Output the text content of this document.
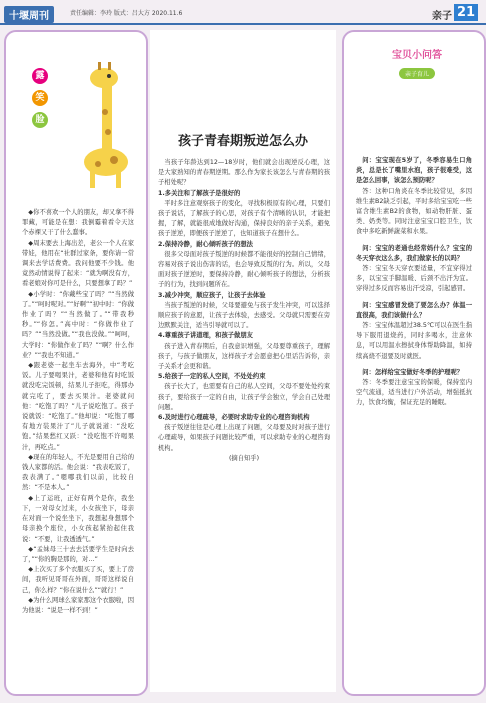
十堰周刊	责任编辑：李玲 版式：吕大方 2020.11.6	亲子 21
露
笑
脸

◆你不喜欢一个人的朋友，却又拿不得罪藏，可能是在想：我倒霉着看令天这个赤裸又干了什么蠢事。

◆周末要去上海出差，老公一个人在家带娃，他用在“社群过家条，要你请一常调来去学话费费。我问他要不少钱。他竟然动情说得了起来：“就为啊没有方，看老娘对你可是什么，只要想拿了吗？”

◆小学时：“你戴些宝了吗？”“当然做了。”“呵时呢对。”“好啊”“初中时：“你做作业了吗？”“当然做了。”“带我秒秒。”“你怎。”高中时：“你做作业了吗？”“当然没做。”“我也没做。”“呵呵，大学时：“你做作业了吗？”“啊？什么作业？”“我也不知道。”

◆跟老婆一起坐车去海外，中“考吃饭。儿子要喝果汁，老婆和他有时吃饭就没吃完饭顿，结果儿子拒吃，得那办就完吃了，要去买果汁。老婆就问他：“吃饱了吗？”儿子说吃饱了。孩子说就饭：“吃饱了。”他却说：“吃饱了哪有地方装果汁了”儿子就说道：“没吃饱。”结果愁红又跃：“没吃饱不许喝果汁，再吃点。”

◆现在的年轻人，不光是要用自己给的钱人家都的活。他会说：“我表吃饭了，我表满了。”嗯哪我们以前，比较自然：“不是本人。”

◆上了运班，正好有两个是你，我坐下，一对母女过来，小女孩坐下，母亲在对面一个说坐坐下，我想起身想那个母亲换个座位，小女孩起紧抬起住我说：“不要，让我透透气。”

◆“孟妹母三十去去活要学生是时向去了，”“你的胸是那的，对…”

◆上次买了多个衣服买了买，要上了房间，我听见哥哥在外面，哥哥这样说自己，你么样？“你在说什么”“就行！”

◆为什么网球么家家那这个衣服啦，因为他说：“说是一样不到！”

孩子青春期叛逆怎么办

当孩子年龄达到12—18岁时，他们就会出现逆反心理，这是大家熟知的青春期逆期。那么作为家长该怎么与青春期的孩子相处呢？

1.多关注和了解孩子是很好的

平时多注意观察孩子的变化，寻找积极原有的心理，只要们孩子说话，了解孩子的心思，对孩子有个清晰的认识，才能把握，了解，就能很成地做好沟通，保持良好的亲子关系，避免孩子逆逆，即便孩子逆逆了，也知道孩子在想什么。

2.保持冷静，耐心倾听孩子的想法

很多父母面对孩子叛逆的时候都不能很好的控制自己情绪，容易对孩子说出伤害的话，也会导致反叛的行为。所以，父母面对孩子逆逆时，要保持冷静，耐心倾听孩子的想法，分析孩子的行为，找到问题所在。

3.减少冲突，顺应孩子，让孩子去体验

当孩子叛逆的时候，父母要避免与孩子发生冲突，可以选择顺应孩子的意愿，让孩子去体验，去感受。父母就只需要在旁边默默关注，适当引导就可以了。

4.尊重孩子讲道理，和孩子做朋友

孩子进入青春期后，自我意识增强，父母要尊重孩子，理解孩子，与孩子做朋友，这样孩子才会愿意把心里话告诉你，亲子关系才会更和谐。

5.给孩子一定的私人空间，不处处约束

孩子长大了，也需要有自己的私人空间，父母不要处处约束孩子，要给孩子一定的自由，让孩子学会独立，学会自己处理问题。

6.及时进行心理疏导，必要时求助专业的心理咨询机构

孩子叛逆往往是心理上出现了问题，父母要及时对孩子进行心理疏导，如果孩子问题比较严重，可以求助专业的心理咨询机构。

(摘自知乎)

宝贝小问答
亲子育儿

问：宝宝现在5岁了，冬季容易生口角炎，总是长了嘴里水泡，孩子很难受，这是怎么回事，该怎么预防呢？

答：这种口角炎在冬季比较常见，多因维生素B2缺乏引起，平时多给宝宝吃一些富含维生素B2的食物，如动物肝脏、蛋类、奶类等。同时注意宝宝口腔卫生，饮食中多吃新鲜蔬菜和水果。

问：宝宝的老通也经常妈什么？宝宝的冬天穿衣这么多，我们做家长的以吗？

答：宝宝冬天穿衣要适量，不宜穿得过多，以宝宝手脚温暖、后颈不出汗为宜。穿得过多反而容易出汗受凉，引起感冒。

问：宝宝感冒发烧了要怎么办？体温一直很高，我们该做什么？

答：宝宝体温超过38.5℃可以在医生指导下服用退烧药，同时多喝水，注意休息，可以用温水擦拭身体帮助降温，如持续高烧不退要及时就医。

问：怎样给宝宝做好冬季的护理呢？

答：冬季要注意宝宝的保暖，保持室内空气流通，适当进行户外活动，增强抵抗力，饮食均衡，保证充足的睡眠。
